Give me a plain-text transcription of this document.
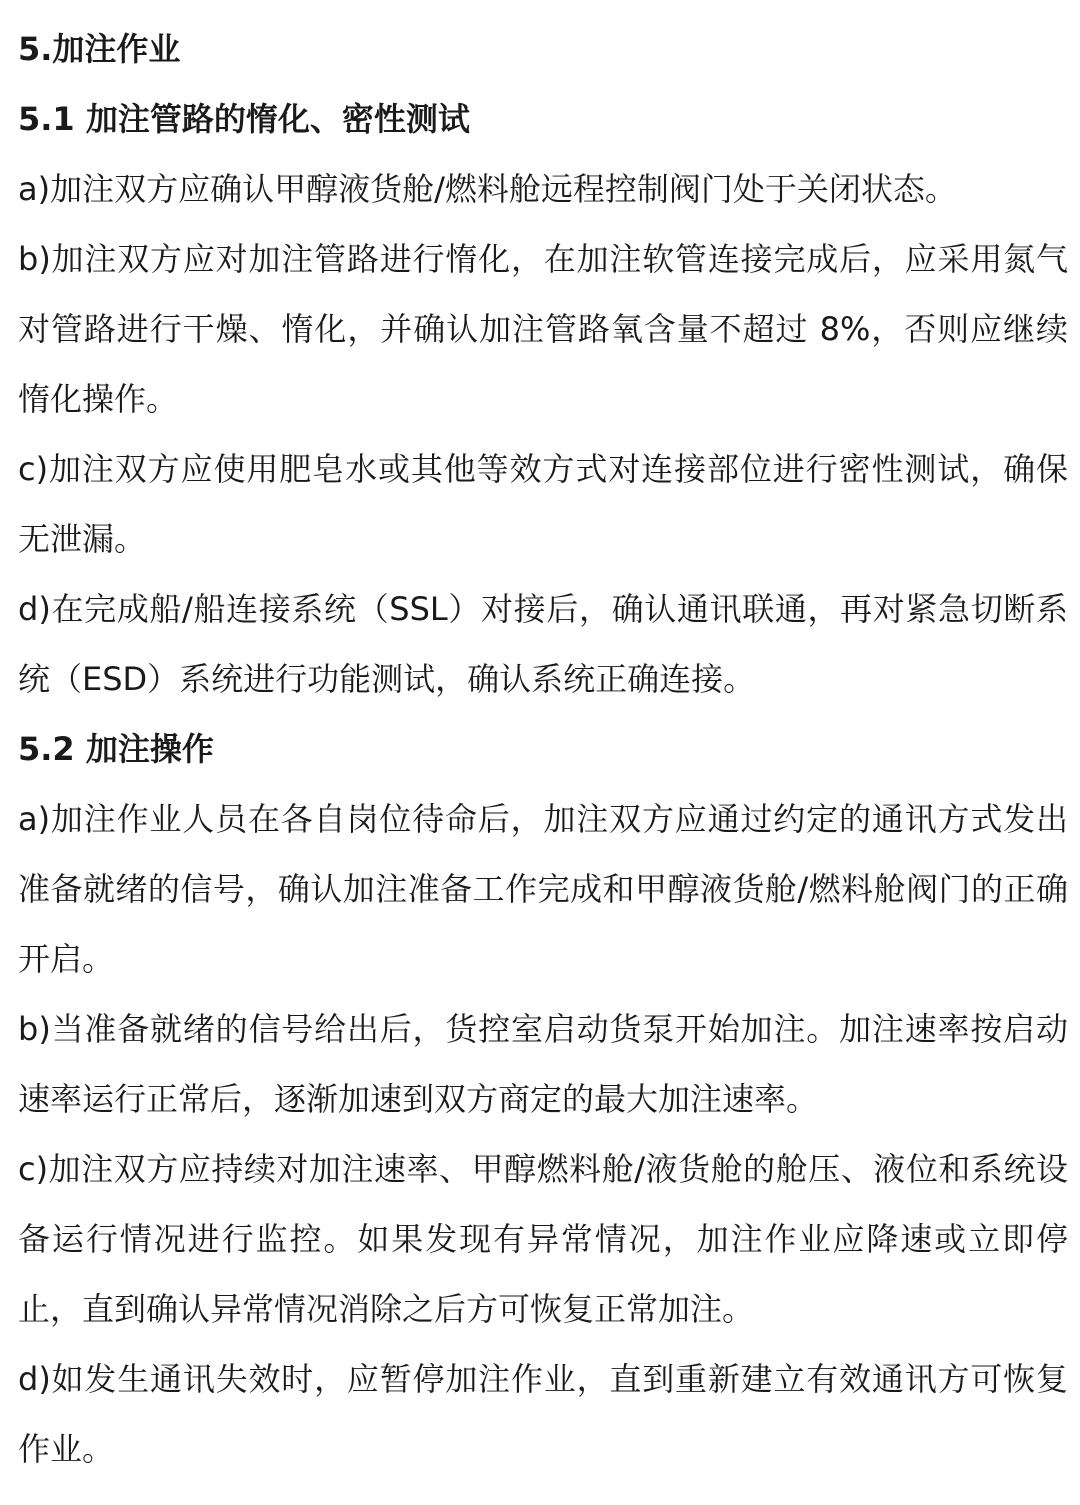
5.加注作业
5.1 加注管路的惰化、密性测试

a)加注双方应确认甲醇液货舱/燃料舱远程控制阀门处于关闭状态。

b)加注双方应对加注管路进行惰化，在加注软管连接完成后，应采用氮气对管路进行干燥、惰化，并确认加注管路氧含量不超过 8%，否则应继续惰化操作。

c)加注双方应使用肥皂水或其他等效方式对连接部位进行密性测试，确保无泄漏。

d)在完成船/船连接系统（SSL）对接后，确认通讯联通，再对紧急切断系统（ESD）系统进行功能测试，确认系统正确连接。

5.2 加注操作

a)加注作业人员在各自岗位待命后，加注双方应通过约定的通讯方式发出准备就绪的信号，确认加注准备工作完成和甲醇液货舱/燃料舱阀门的正确开启。

b)当准备就绪的信号给出后，货控室启动货泵开始加注。加注速率按启动速率运行正常后，逐渐加速到双方商定的最大加注速率。

c)加注双方应持续对加注速率、甲醇燃料舱/液货舱的舱压、液位和系统设备运行情况进行监控。如果发现有异常情况，加注作业应降速或立即停止，直到确认异常情况消除之后方可恢复正常加注。

d)如发生通讯失效时，应暂停加注作业，直到重新建立有效通讯方可恢复作业。
